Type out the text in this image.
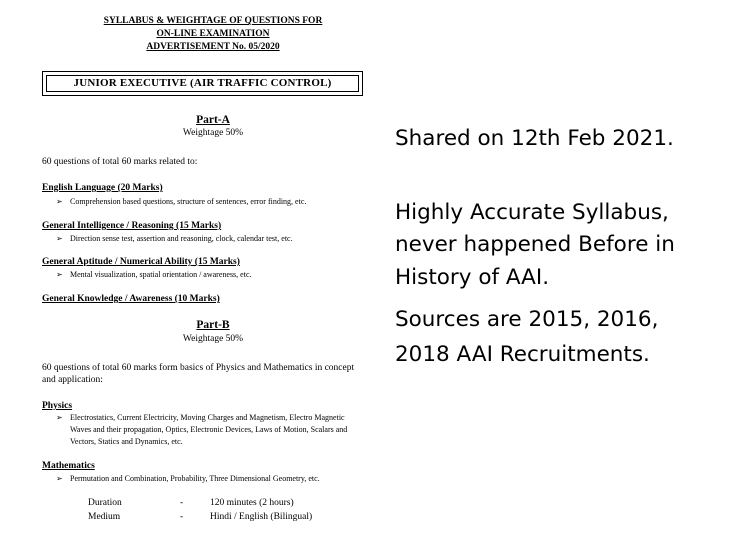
SYLLABUS & WEIGHTAGE OF QUESTIONS FOR
ON-LINE EXAMINATION
ADVERTISEMENT No. 05/2020
JUNIOR EXECUTIVE (AIR TRAFFIC CONTROL)
Part-A
Weightage 50%
60 questions of total 60 marks related to:
English Language (20 Marks)
➢ Comprehension based questions, structure of sentences, error finding, etc.
General Intelligence / Reasoning (15 Marks)
➢ Direction sense test, assertion and reasoning, clock, calendar test, etc.
General Aptitude / Numerical Ability (15 Marks)
➢ Mental visualization, spatial orientation / awareness, etc.
General Knowledge / Awareness (10 Marks)
Part-B
Weightage 50%
60 questions of total 60 marks form basics of Physics and Mathematics in concept
and application:
Physics
➢ Electrostatics, Current Electricity, Moving Charges and Magnetism, Electro Magnetic
Waves and their propagation, Optics, Electronic Devices, Laws of Motion, Scalars and
Vectors, Statics and Dynamics, etc.
Mathematics
➢ Permutation and Combination, Probability, Three Dimensional Geometry, etc.
Duration	-	120 minutes (2 hours)
Medium	-	Hindi / English (Bilingual)
Shared on 12th Feb 2021.
Highly Accurate Syllabus,
never happened Before in
History of AAI.
Sources are 2015, 2016,
2018 AAI Recruitments.
